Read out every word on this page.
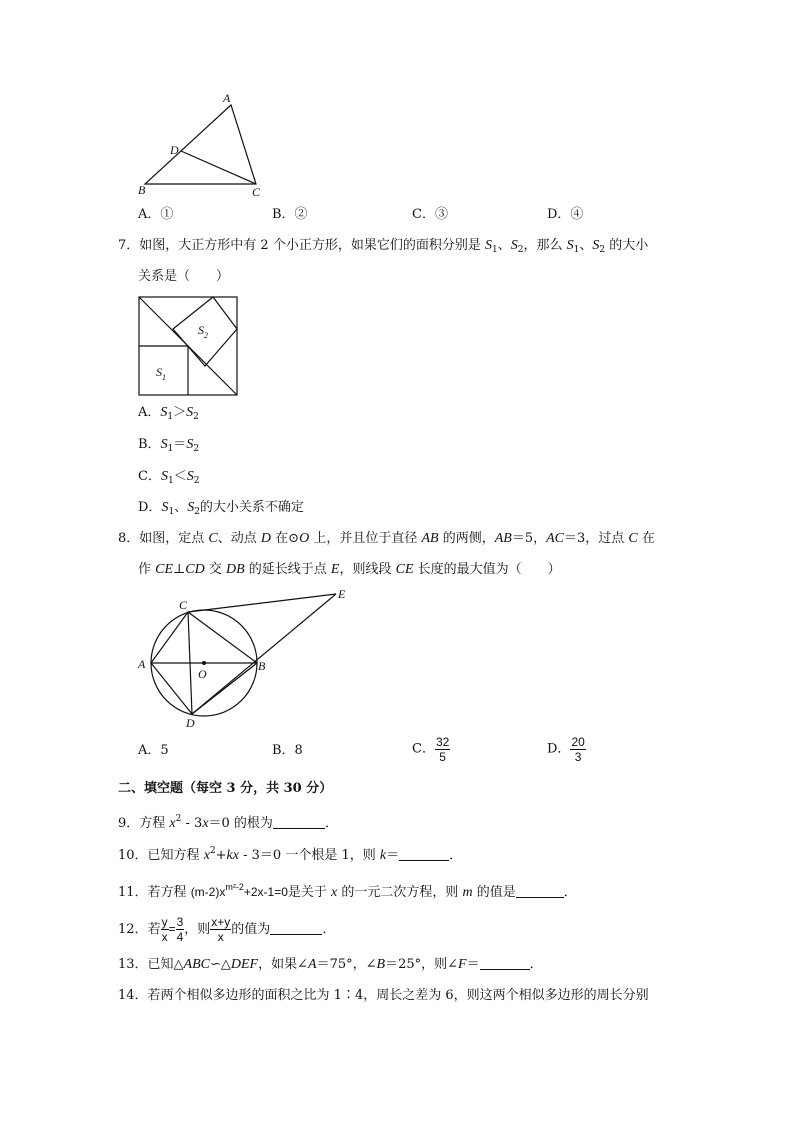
A
D
B	C
A．①	B．②	C．③	D．④
7．如图，大正方形中有 2 个小正方形，如果它们的面积分别是 $S_1$、$S_2$，那么 $S_1$、$S_2$ 的大小
关系是（　　）
$S_2$
$S_1$
A．$S_1>S_2$
B．$S_1=S_2$
C．$S_1<S_2$
D．$S_1$、$S_2$的大小关系不确定
8．如图，定点 C、动点 D 在⊙O 上，并且位于直径 AB 的两侧，AB＝5，AC＝3，过点 C 在
作 CE⊥CD 交 DB 的延长线于点 E，则线段 CE 长度的最大值为（　　）
C
A	B
O
D
E
A．5	B．8	C． $\frac{32}{5}$	D． $\frac{20}{3}$
二、填空题（每空 3 分，共 30 分）
9．方程 $x^2 - 3x=0$ 的根为	．
10．已知方程 $x^2+kx - 3=0$ 一个根是 1，则 k＝	．
11．若方程 $(m-2)x^{m^2-2}+2x-1=0$是关于 x 的一元二次方程，则 m 的值是	．
12．若 $\frac{y}{x} = \frac{3}{4}$ ，则 $\frac{x+y}{x}$ 的值为	．
13．已知△ABC∽△DEF，如果∠A＝75°，∠B＝25°，则∠F＝	．
14．若两个相似多边形的面积之比为 1∶4，周长之差为 6，则这两个相似多边形的周长分别
